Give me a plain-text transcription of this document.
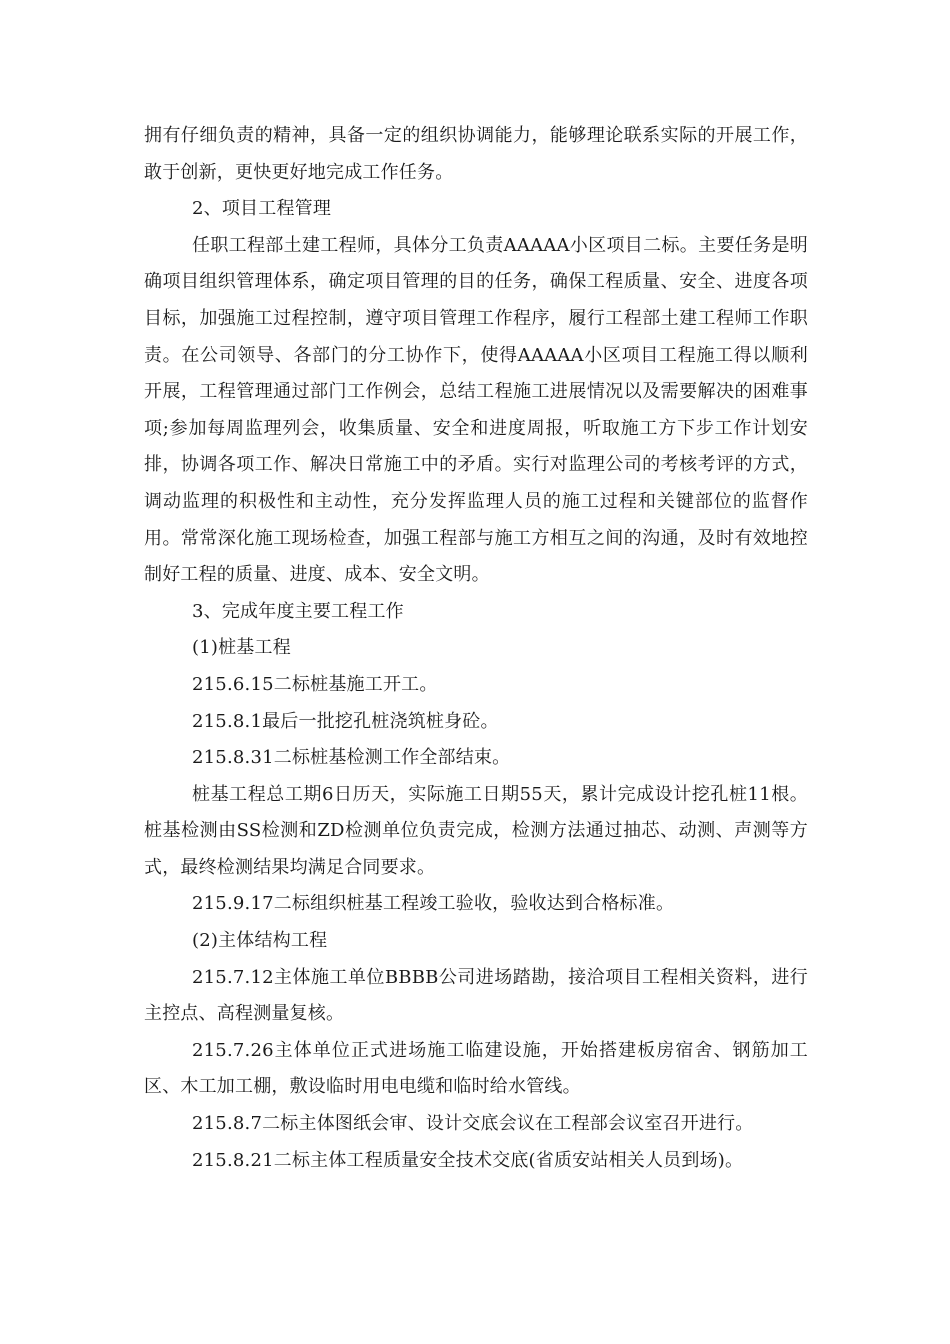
拥有仔细负责的精神，具备一定的组织协调能力，能够理论联系实际的开展工作，敢于创新，更快更好地完成工作任务。

2、项目工程管理

任职工程部土建工程师，具体分工负责AAAAA小区项目二标。主要任务是明确项目组织管理体系，确定项目管理的目的任务，确保工程质量、安全、进度各项目标，加强施工过程控制，遵守项目管理工作程序，履行工程部土建工程师工作职责。在公司领导、各部门的分工协作下，使得AAAAA小区项目工程施工得以顺利开展，工程管理通过部门工作例会，总结工程施工进展情况以及需要解决的困难事项;参加每周监理列会，收集质量、安全和进度周报，听取施工方下步工作计划安排，协调各项工作、解决日常施工中的矛盾。实行对监理公司的考核考评的方式，调动监理的积极性和主动性，充分发挥监理人员的施工过程和关键部位的监督作用。常常深化施工现场检查，加强工程部与施工方相互之间的沟通，及时有效地控制好工程的质量、进度、成本、安全文明。

3、完成年度主要工程工作

(1)桩基工程

215.6.15二标桩基施工开工。

215.8.1最后一批挖孔桩浇筑桩身砼。

215.8.31二标桩基检测工作全部结束。

桩基工程总工期6日历天，实际施工日期55天，累计完成设计挖孔桩11根。桩基检测由SS检测和ZD检测单位负责完成，检测方法通过抽芯、动测、声测等方式，最终检测结果均满足合同要求。

215.9.17二标组织桩基工程竣工验收，验收达到合格标准。

(2)主体结构工程

215.7.12主体施工单位BBBB公司进场踏勘，接洽项目工程相关资料，进行主控点、高程测量复核。

215.7.26主体单位正式进场施工临建设施，开始搭建板房宿舍、钢筋加工区、木工加工棚，敷设临时用电电缆和临时给水管线。

215.8.7二标主体图纸会审、设计交底会议在工程部会议室召开进行。

215.8.21二标主体工程质量安全技术交底(省质安站相关人员到场)。
